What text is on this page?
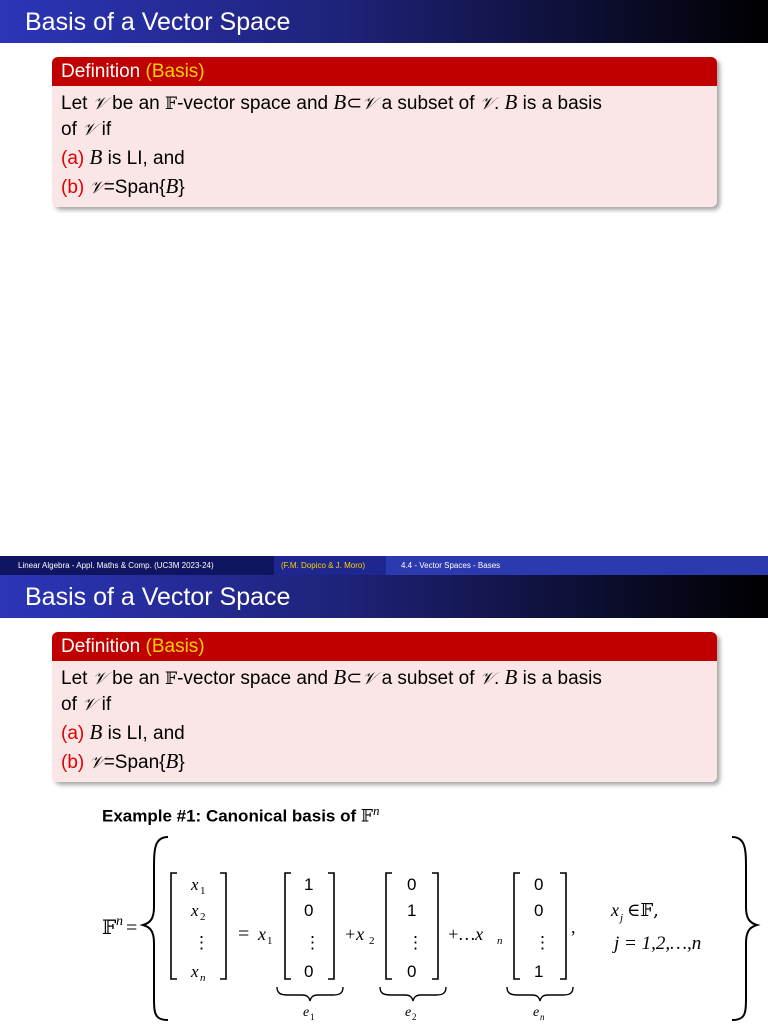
Basis of a Vector Space
Definition (Basis)
Let 𝒱 be an 𝔽-vector space and B⊂𝒱 a subset of 𝒱. B is a basis
of 𝒱 if
(a) B is LI, and
(b) 𝒱=Span{B}
Linear Algebra - Appl. Maths & Comp. (UC3M 2023-24)	(F.M. Dopico & J. Moro)	4.4 - Vector Spaces - Bases
Basis of a Vector Space
Definition (Basis)
Let 𝒱 be an 𝔽-vector space and B⊂𝒱 a subset of 𝒱. B is a basis
of 𝒱 if
(a) B is LI, and
(b) 𝒱=Span{B}
Example #1: Canonical basis of 𝔽$^n$
𝔽 n =
x 1
x 2
⋮
x n
= x 1
1
0
⋮
0
e 1
+x 2
0
1
⋮
0
e 2
+…x n
0
0
⋮
1
e n
,
x j ∈𝔽,
j = 1,2,…,n
